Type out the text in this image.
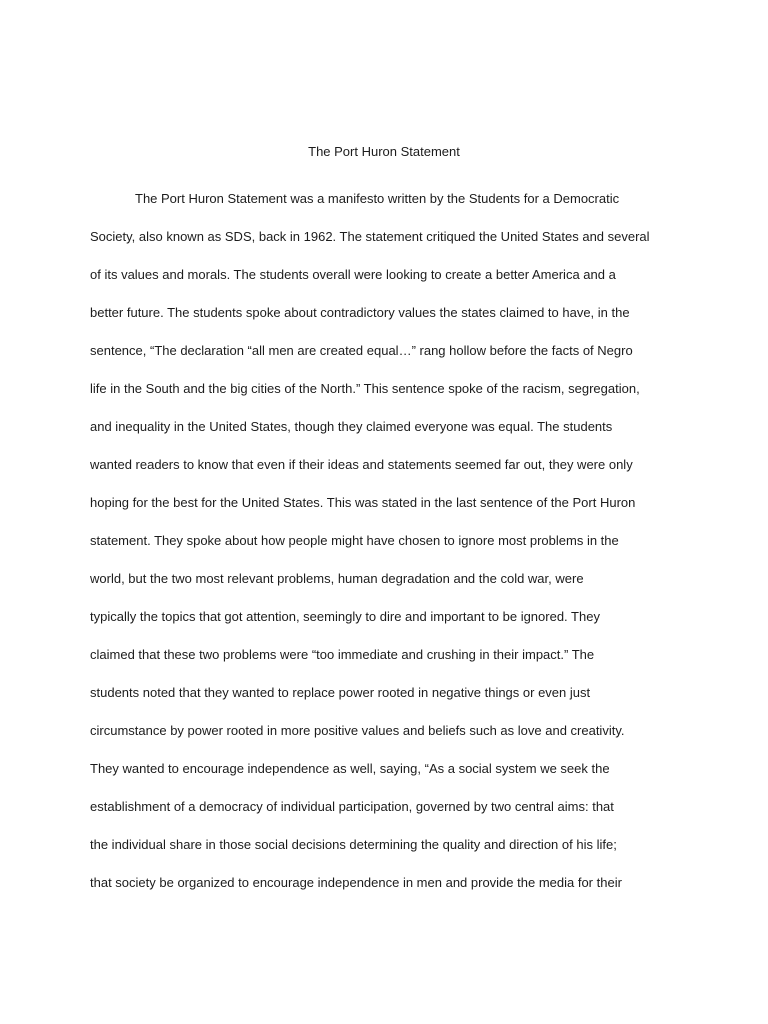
The Port Huron Statement

The Port Huron Statement was a manifesto written by the Students for a Democratic

Society, also known as SDS, back in 1962. The statement critiqued the United States and several

of its values and morals. The students overall were looking to create a better America and a

better future. The students spoke about contradictory values the states claimed to have, in the

sentence, “The declaration “all men are created equal…” rang hollow before the facts of Negro

life in the South and the big cities of the North.” This sentence spoke of the racism, segregation,

and inequality in the United States, though they claimed everyone was equal. The students

wanted readers to know that even if their ideas and statements seemed far out, they were only

hoping for the best for the United States. This was stated in the last sentence of the Port Huron

statement. They spoke about how people might have chosen to ignore most problems in the

world, but the two most relevant problems, human degradation and the cold war, were

typically the topics that got attention, seemingly to dire and important to be ignored. They

claimed that these two problems were “too immediate and crushing in their impact.” The

students noted that they wanted to replace power rooted in negative things or even just

circumstance by power rooted in more positive values and beliefs such as love and creativity.

They wanted to encourage independence as well, saying, “As a social system we seek the

establishment of a democracy of individual participation, governed by two central aims: that

the individual share in those social decisions determining the quality and direction of his life;

that society be organized to encourage independence in men and provide the media for their
